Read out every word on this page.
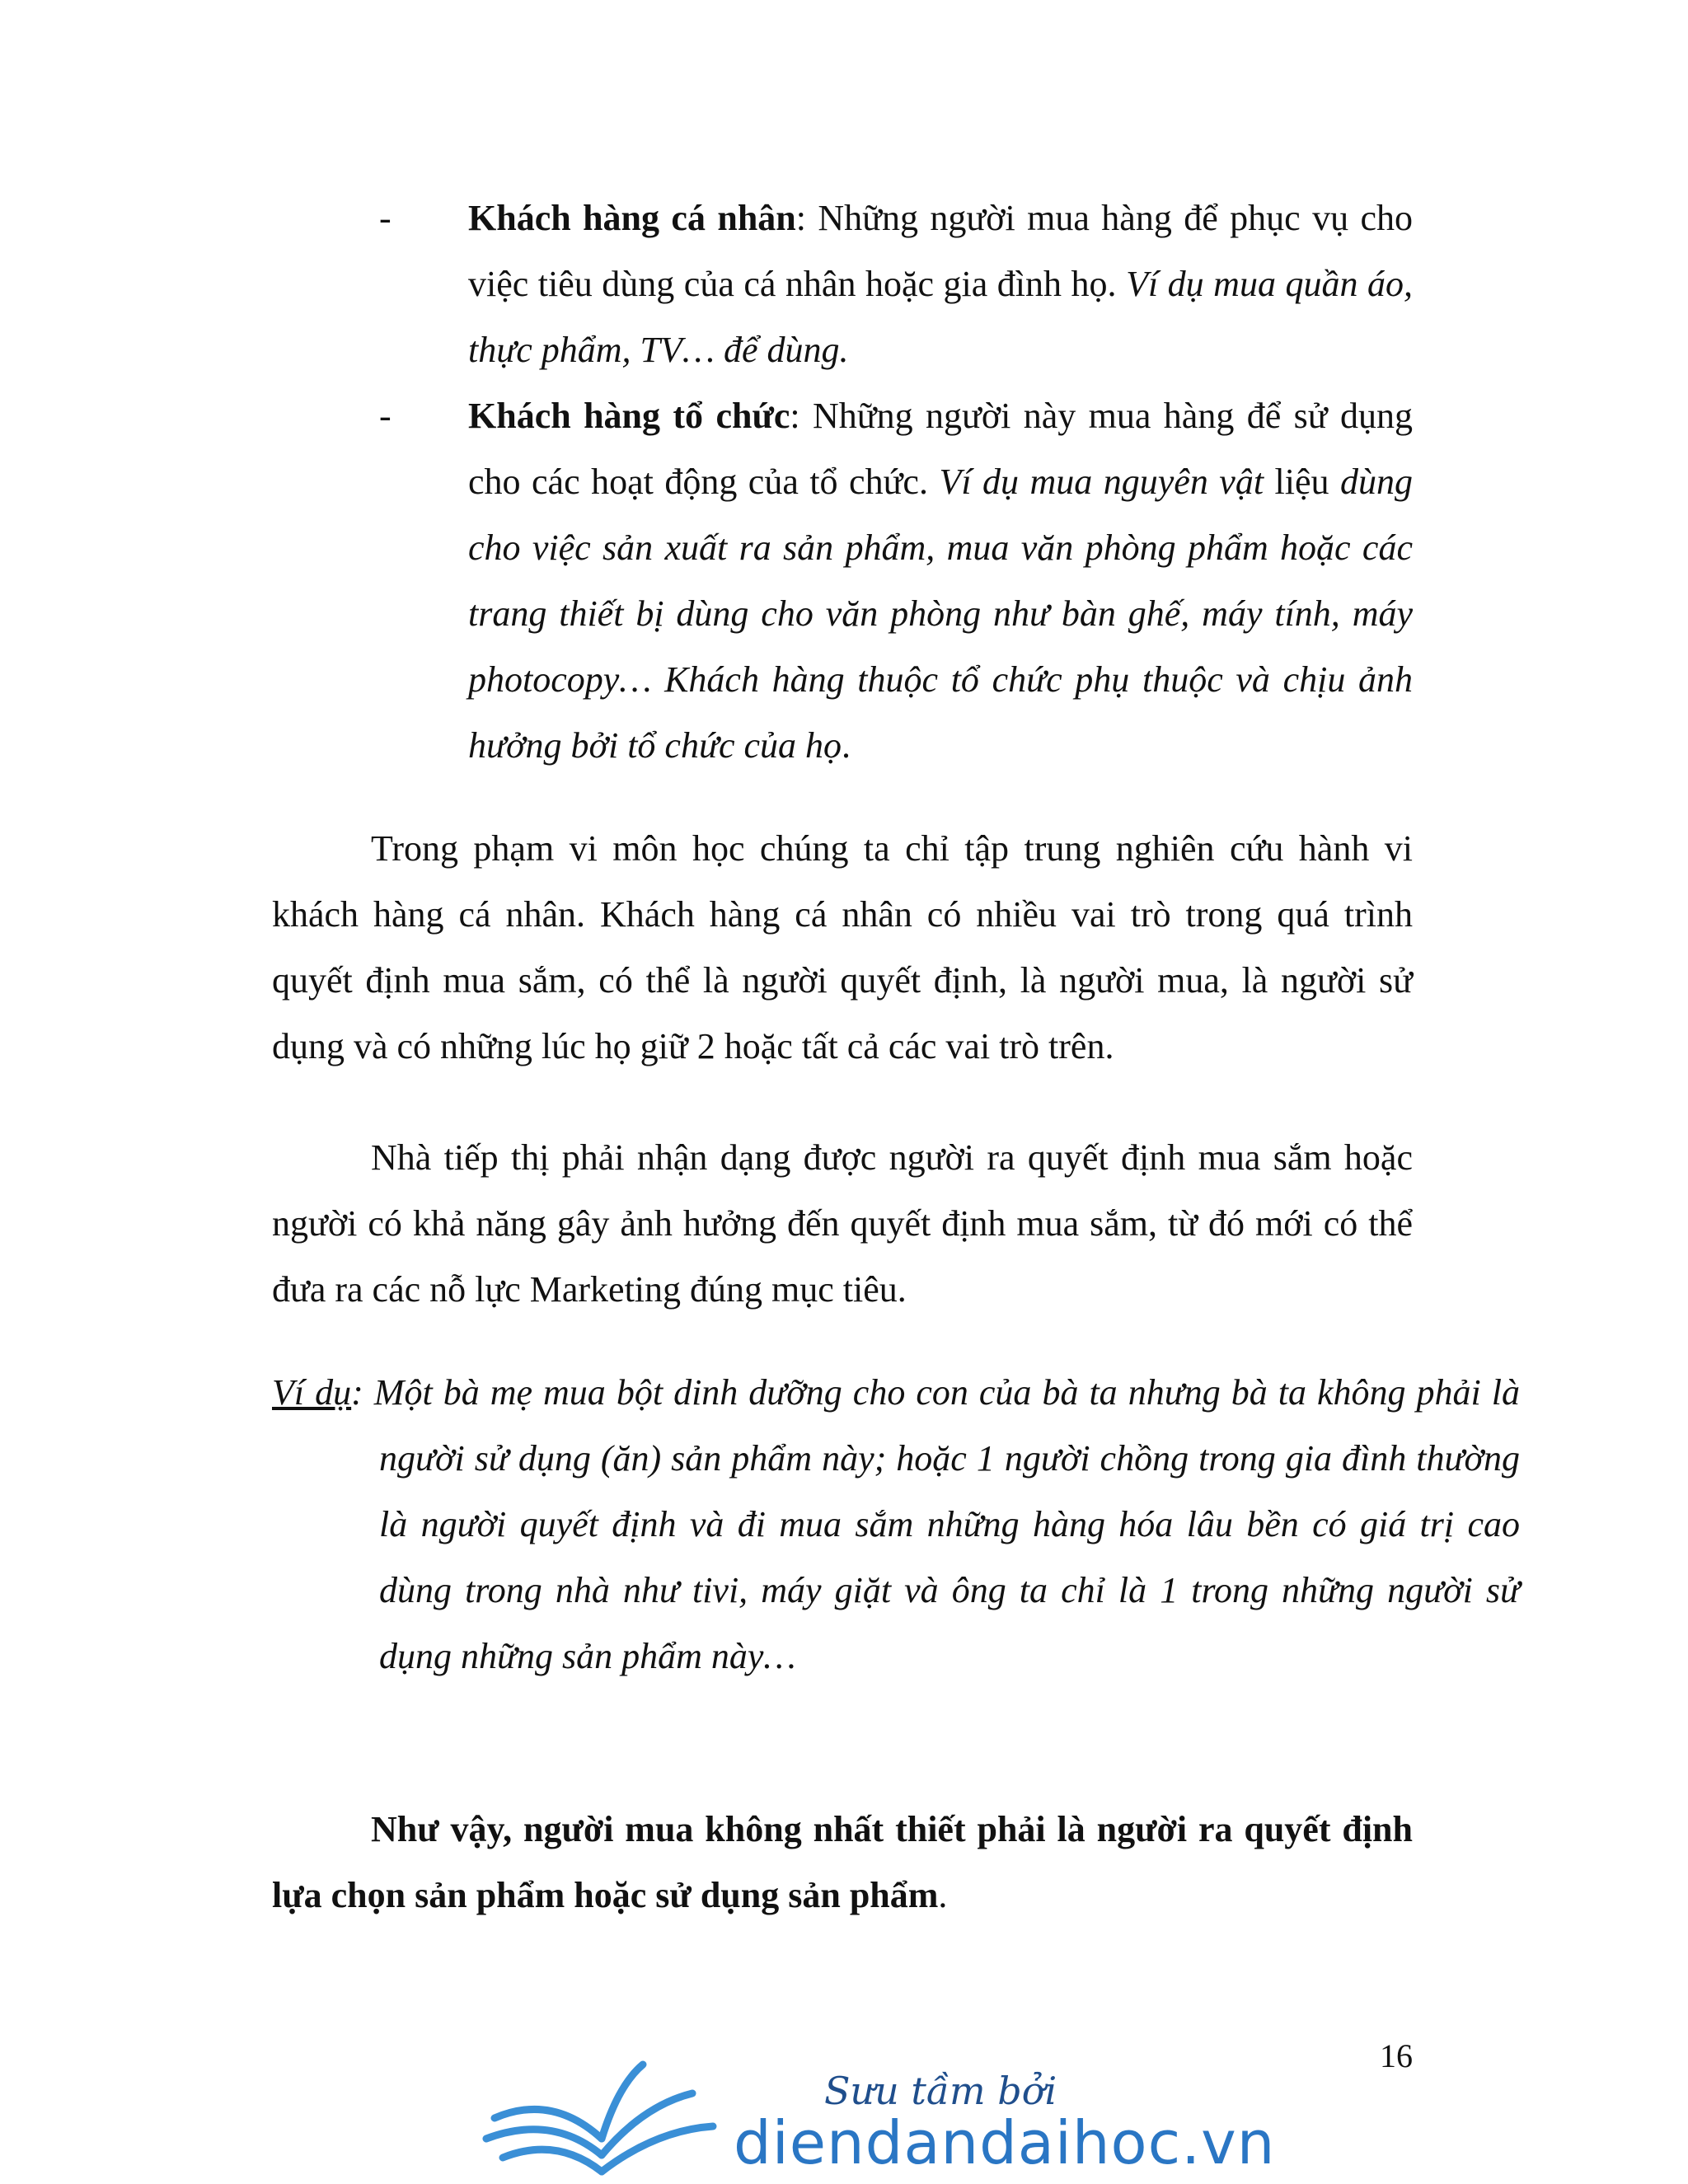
- Khách hàng cá nhân: Những người mua hàng để phục vụ cho việc tiêu dùng của cá nhân hoặc gia đình họ. Ví dụ mua quần áo, thực phẩm, TV… để dùng.
- Khách hàng tổ chức: Những người này mua hàng để sử dụng cho các hoạt động của tổ chức. Ví dụ mua nguyên vật liệu dùng cho việc sản xuất ra sản phẩm, mua văn phòng phẩm hoặc các trang thiết bị dùng cho văn phòng như bàn ghế, máy tính, máy photocopy… Khách hàng thuộc tổ chức phụ thuộc và chịu ảnh hưởng bởi tổ chức của họ.
Trong phạm vi môn học chúng ta chỉ tập trung nghiên cứu hành vi khách hàng cá nhân. Khách hàng cá nhân có nhiều vai trò trong quá trình quyết định mua sắm, có thể là người quyết định, là người mua, là người sử dụng và có những lúc họ giữ 2 hoặc tất cả các vai trò trên.
Nhà tiếp thị phải nhận dạng được người ra quyết định mua sắm hoặc người có khả năng gây ảnh hưởng đến quyết định mua sắm, từ đó mới có thể đưa ra các nỗ lực Marketing đúng mục tiêu.
Ví dụ: Một bà mẹ mua bột dinh dưỡng cho con của bà ta nhưng bà ta không phải là người sử dụng (ăn) sản phẩm này; hoặc 1 người chồng trong gia đình thường là người quyết định và đi mua sắm những hàng hóa lâu bền có giá trị cao dùng trong nhà như tivi, máy giặt và ông ta chỉ là 1 trong những người sử dụng những sản phẩm này…
Như vậy, người mua không nhất thiết phải là người ra quyết định lựa chọn sản phẩm hoặc sử dụng sản phẩm.
16
Sưu tầm bởi
diendandaihoc.vn
